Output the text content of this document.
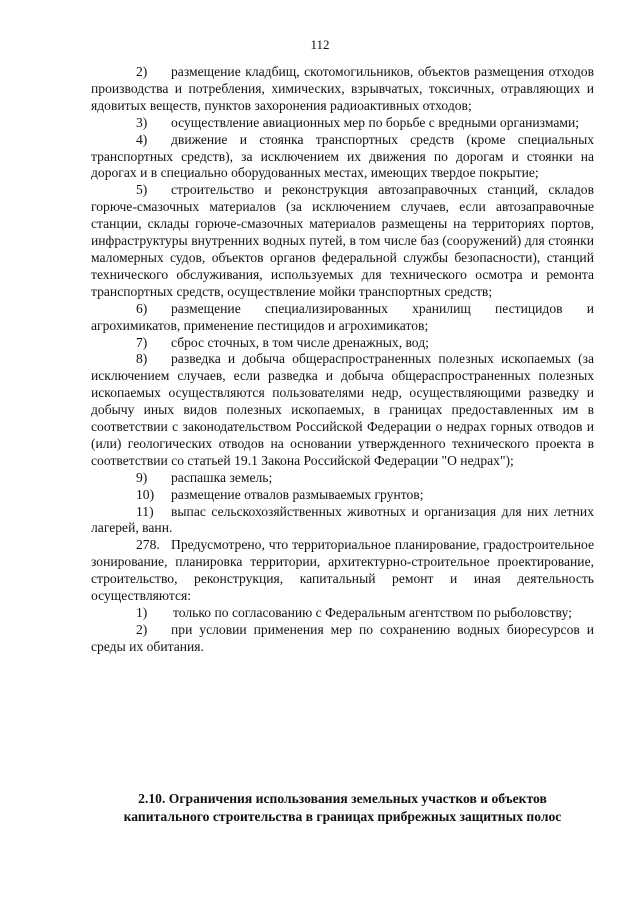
112

2) размещение кладбищ, скотомогильников, объектов размещения отходов производства и потребления, химических, взрывчатых, токсичных, отравляющих и ядовитых веществ, пунктов захоронения радиоактивных отходов;

3) осуществление авиационных мер по борьбе с вредными организмами;

4) движение и стоянка транспортных средств (кроме специальных транспортных средств), за исключением их движения по дорогам и стоянки на дорогах и в специально оборудованных местах, имеющих твердое покрытие;

5) строительство и реконструкция автозаправочных станций, складов горюче-смазочных материалов (за исключением случаев, если автозаправочные станции, склады горюче-смазочных материалов размещены на территориях портов, инфраструктуры внутренних водных путей, в том числе баз (сооружений) для стоянки маломерных судов, объектов органов федеральной службы безопасности), станций технического обслуживания, используемых для технического осмотра и ремонта транспортных средств, осуществление мойки транспортных средств;

6) размещение специализированных хранилищ пестицидов и агрохимикатов, применение пестицидов и агрохимикатов;

7) сброс сточных, в том числе дренажных, вод;

8) разведка и добыча общераспространенных полезных ископаемых (за исключением случаев, если разведка и добыча общераспространенных полезных ископаемых осуществляются пользователями недр, осуществляющими разведку и добычу иных видов полезных ископаемых, в границах предоставленных им в соответствии с законодательством Российской Федерации о недрах горных отводов и (или) геологических отводов на основании утвержденного технического проекта в соответствии со статьей 19.1 Закона Российской Федерации "О недрах");

9) распашка земель;

10) размещение отвалов размываемых грунтов;

11) выпас сельскохозяйственных животных и организация для них летних лагерей, ванн.

278. Предусмотрено, что территориальное планирование, градостроительное зонирование, планировка территории, архитектурно-строительное проектирование, строительство, реконструкция, капитальный ремонт и иная деятельность осуществляются:

1) только по согласованию с Федеральным агентством по рыболовству;

2) при условии применения мер по сохранению водных биоресурсов и среды их обитания.

2.10. Ограничения использования земельных участков и объектов
капитального строительства в границах прибрежных защитных полос
